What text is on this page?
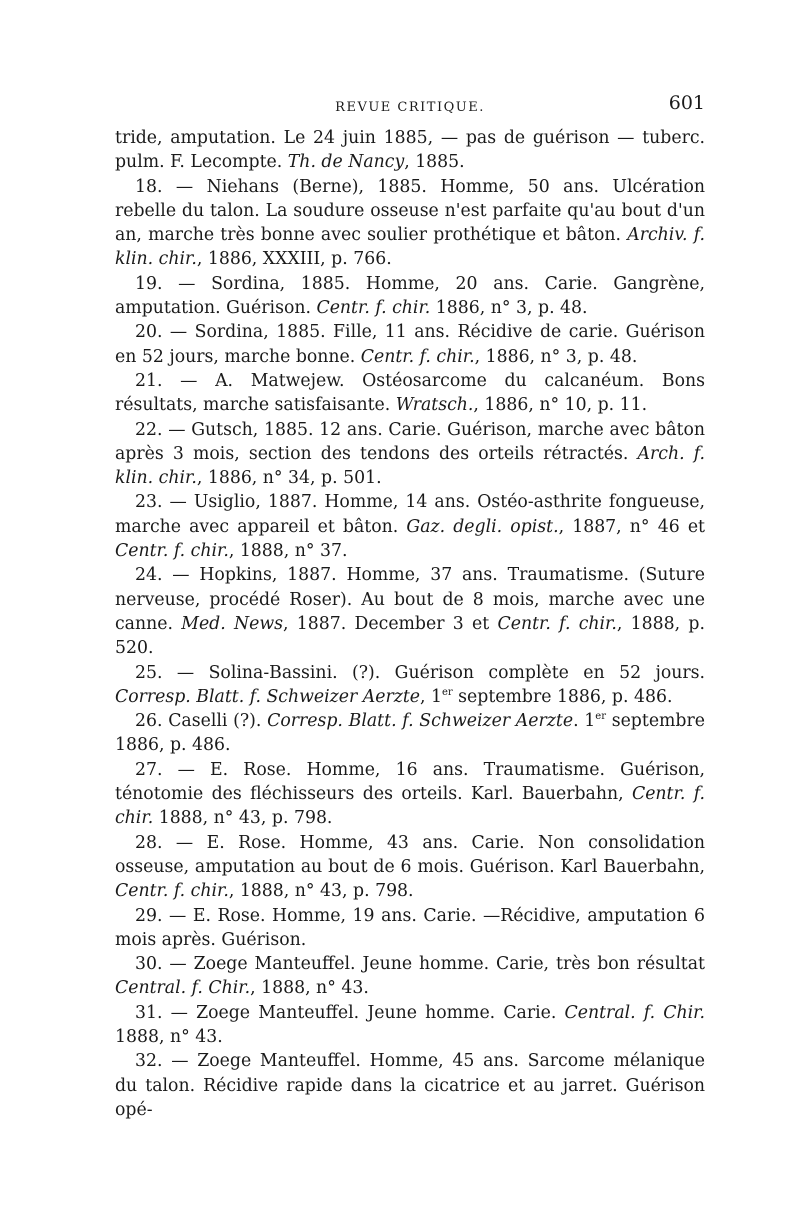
REVUE CRITIQUE.	601

tride, amputation. Le 24 juin 1885, — pas de guérison — tuberc. pulm. F. Lecompte. Th. de Nancy, 1885.

18. — Niehans (Berne), 1885. Homme, 50 ans. Ulcération rebelle du talon. La soudure osseuse n'est parfaite qu'au bout d'un an, marche très bonne avec soulier prothétique et bâton. Archiv. f. klin. chir., 1886, XXXIII, p. 766.

19. — Sordina, 1885. Homme, 20 ans. Carie. Gangrène, amputation. Guérison. Centr. f. chir. 1886, n° 3, p. 48.

20. — Sordina, 1885. Fille, 11 ans. Récidive de carie. Guérison en 52 jours, marche bonne. Centr. f. chir., 1886, n° 3, p. 48.

21. — A. Matwejew. Ostéosarcome du calcanéum. Bons résultats, marche satisfaisante. Wratsch., 1886, n° 10, p. 11.

22. — Gutsch, 1885. 12 ans. Carie. Guérison, marche avec bâton après 3 mois, section des tendons des orteils rétractés. Arch. f. klin. chir., 1886, n° 34, p. 501.

23. — Usiglio, 1887. Homme, 14 ans. Ostéo-asthrite fongueuse, marche avec appareil et bâton. Gaz. degli. opist., 1887, n° 46 et Centr. f. chir., 1888, n° 37.

24. — Hopkins, 1887. Homme, 37 ans. Traumatisme. (Suture nerveuse, procédé Roser). Au bout de 8 mois, marche avec une canne. Med. News, 1887. December 3 et Centr. f. chir., 1888, p. 520.

25. — Solina-Bassini. (?). Guérison complète en 52 jours. Corresp. Blatt. f. Schweizer Aerzte, 1er septembre 1886, p. 486.

26. Caselli (?). Corresp. Blatt. f. Schweizer Aerzte. 1er septembre 1886, p. 486.

27. — E. Rose. Homme, 16 ans. Traumatisme. Guérison, ténotomie des fléchisseurs des orteils. Karl. Bauerbahn, Centr. f. chir. 1888, n° 43, p. 798.

28. — E. Rose. Homme, 43 ans. Carie. Non consolidation osseuse, amputation au bout de 6 mois. Guérison. Karl Bauerbahn, Centr. f. chir., 1888, n° 43, p. 798.

29. — E. Rose. Homme, 19 ans. Carie. —Récidive, amputation 6 mois après. Guérison.

30. — Zoege Manteuffel. Jeune homme. Carie, très bon résultat Central. f. Chir., 1888, n° 43.

31. — Zoege Manteuffel. Jeune homme. Carie. Central. f. Chir. 1888, n° 43.

32. — Zoege Manteuffel. Homme, 45 ans. Sarcome mélanique du talon. Récidive rapide dans la cicatrice et au jarret. Guérison opé-
